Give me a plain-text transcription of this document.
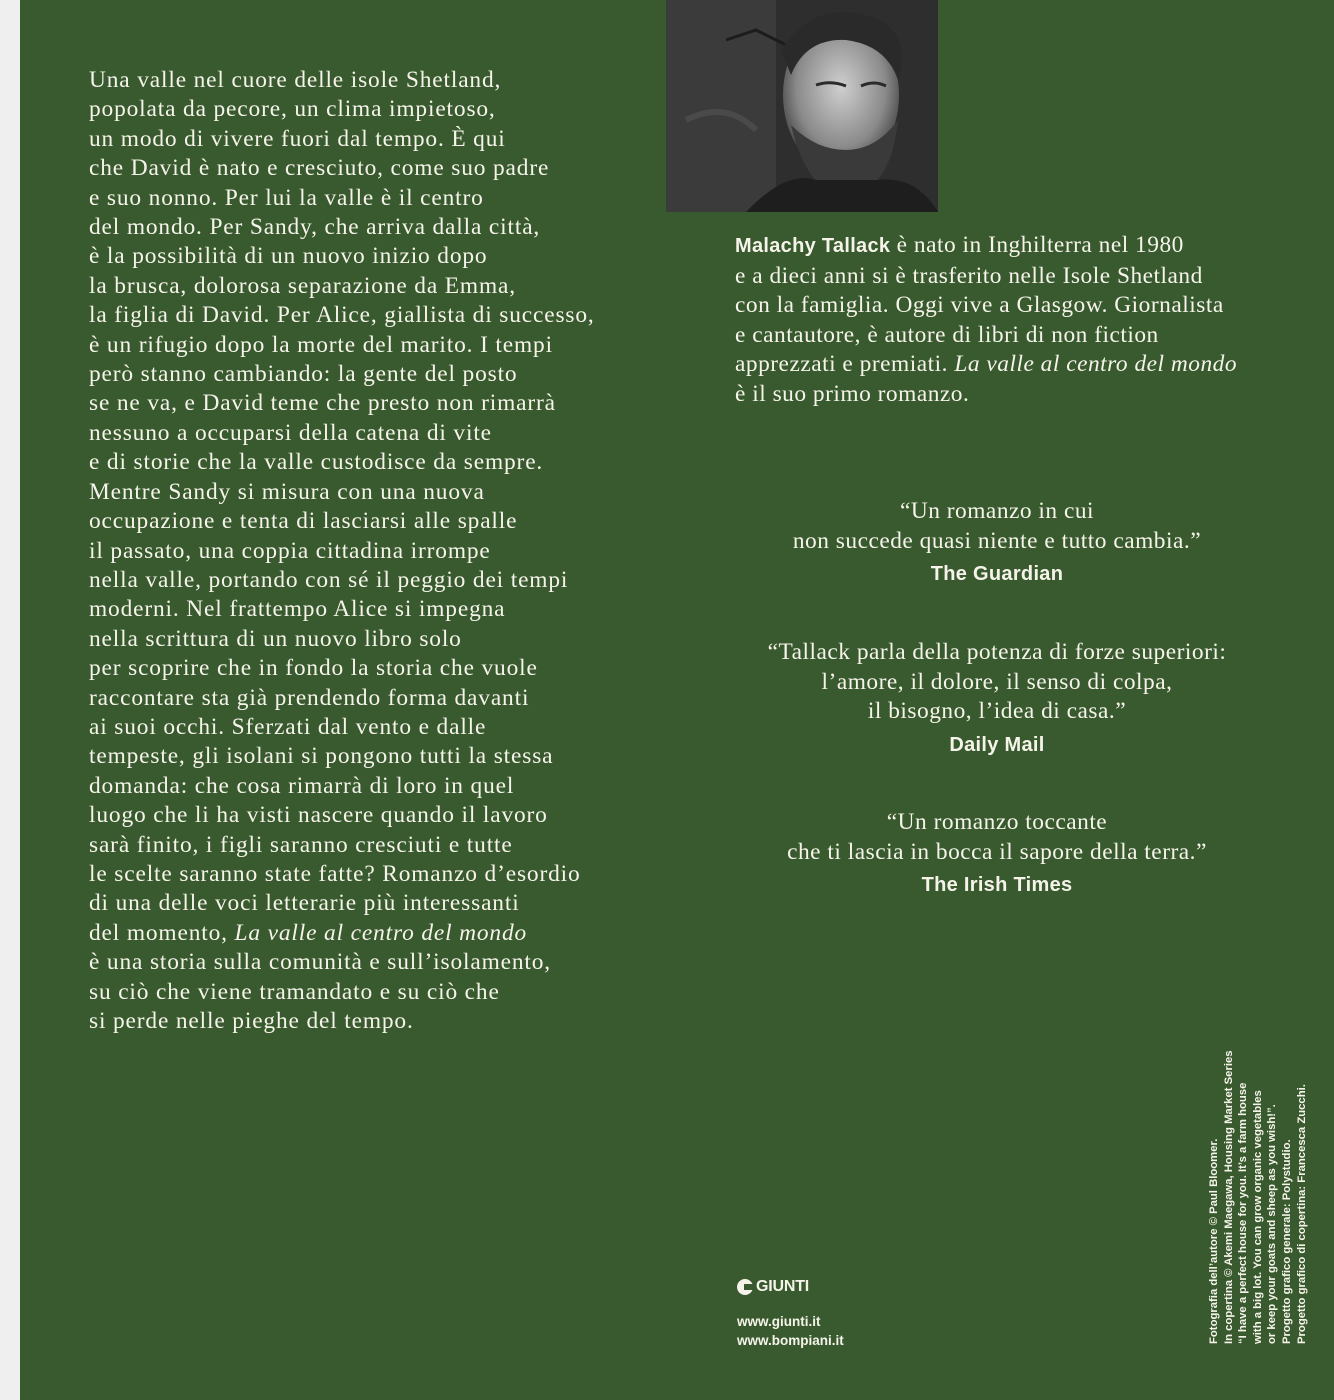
Una valle nel cuore delle isole Shetland,
popolata da pecore, un clima impietoso,
un modo di vivere fuori dal tempo. È qui
che David è nato e cresciuto, come suo padre
e suo nonno. Per lui la valle è il centro
del mondo. Per Sandy, che arriva dalla città,
è la possibilità di un nuovo inizio dopo
la brusca, dolorosa separazione da Emma,
la figlia di David. Per Alice, giallista di successo,
è un rifugio dopo la morte del marito. I tempi
però stanno cambiando: la gente del posto
se ne va, e David teme che presto non rimarrà
nessuno a occuparsi della catena di vite
e di storie che la valle custodisce da sempre.
Mentre Sandy si misura con una nuova
occupazione e tenta di lasciarsi alle spalle
il passato, una coppia cittadina irrompe
nella valle, portando con sé il peggio dei tempi
moderni. Nel frattempo Alice si impegna
nella scrittura di un nuovo libro solo
per scoprire che in fondo la storia che vuole
raccontare sta già prendendo forma davanti
ai suoi occhi. Sferzati dal vento e dalle
tempeste, gli isolani si pongono tutti la stessa
domanda: che cosa rimarrà di loro in quel
luogo che li ha visti nascere quando il lavoro
sarà finito, i figli saranno cresciuti e tutte
le scelte saranno state fatte? Romanzo d’esordio
di una delle voci letterarie più interessanti
del momento, La valle al centro del mondo
è una storia sulla comunità e sull’isolamento,
su ciò che viene tramandato e su ciò che
si perde nelle pieghe del tempo.
Malachy Tallack è nato in Inghilterra nel 1980
e a dieci anni si è trasferito nelle Isole Shetland
con la famiglia. Oggi vive a Glasgow. Giornalista
e cantautore, è autore di libri di non fiction
apprezzati e premiati. La valle al centro del mondo
è il suo primo romanzo.
“Un romanzo in cui
non succede quasi niente e tutto cambia.”
The Guardian
“Tallack parla della potenza di forze superiori:
l’amore, il dolore, il senso di colpa,
il bisogno, l’idea di casa.”
Daily Mail
“Un romanzo toccante
che ti lascia in bocca il sapore della terra.”
The Irish Times
GIUNTI
www.giunti.it
www.bompiani.it	Fotografia dell’autore © Paul Bloomer. In copertina © Akemi Maegawa, Housing Market Series “I have a perfect house for you. It’s a farm house with a big lot. You can grow organic vegetables or keep your goats and sheep as you wish!”. Progetto grafico generale: Polystudio. Progetto grafico di copertina: Francesca Zucchi.
